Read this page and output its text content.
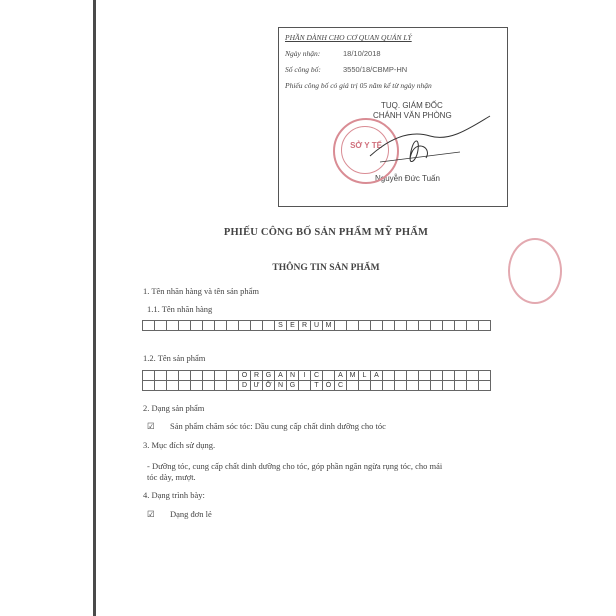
PHẦN DÀNH CHO CƠ QUAN QUẢN LÝ
Ngày nhận:	18/10/2018
Số công bố:	3550/18/CBMP-HN
Phiếu công bố có giá trị 05 năm kể từ ngày nhận
TUQ. GIÁM ĐỐC
CHÁNH VĂN PHÒNG
Nguyễn Đức Tuấn
SỞ Y TẾ
PHIẾU CÔNG BỐ SẢN PHẨM MỸ PHẨM
THÔNG TIN SẢN PHẨM
1. Tên nhãn hàng và tên sản phẩm
1.1. Tên nhãn hàng
											S	E	R	U	M													
1.2. Tên sản phẩm
								O	R	G	A	N	I	C		A	M	L	A									
								D	Ư	Ỡ	N	G		T	Ó	C												
2. Dạng sản phẩm
☑ Sản phẩm chăm sóc tóc: Dầu cung cấp chất dinh dưỡng cho tóc
3. Mục đích sử dụng.
- Dưỡng tóc, cung cấp chất dinh dưỡng cho tóc, góp phần ngăn ngừa rụng tóc, cho mái
tóc dày, mượt.
4. Dạng trình bày:
☑ Dạng đơn lẻ
